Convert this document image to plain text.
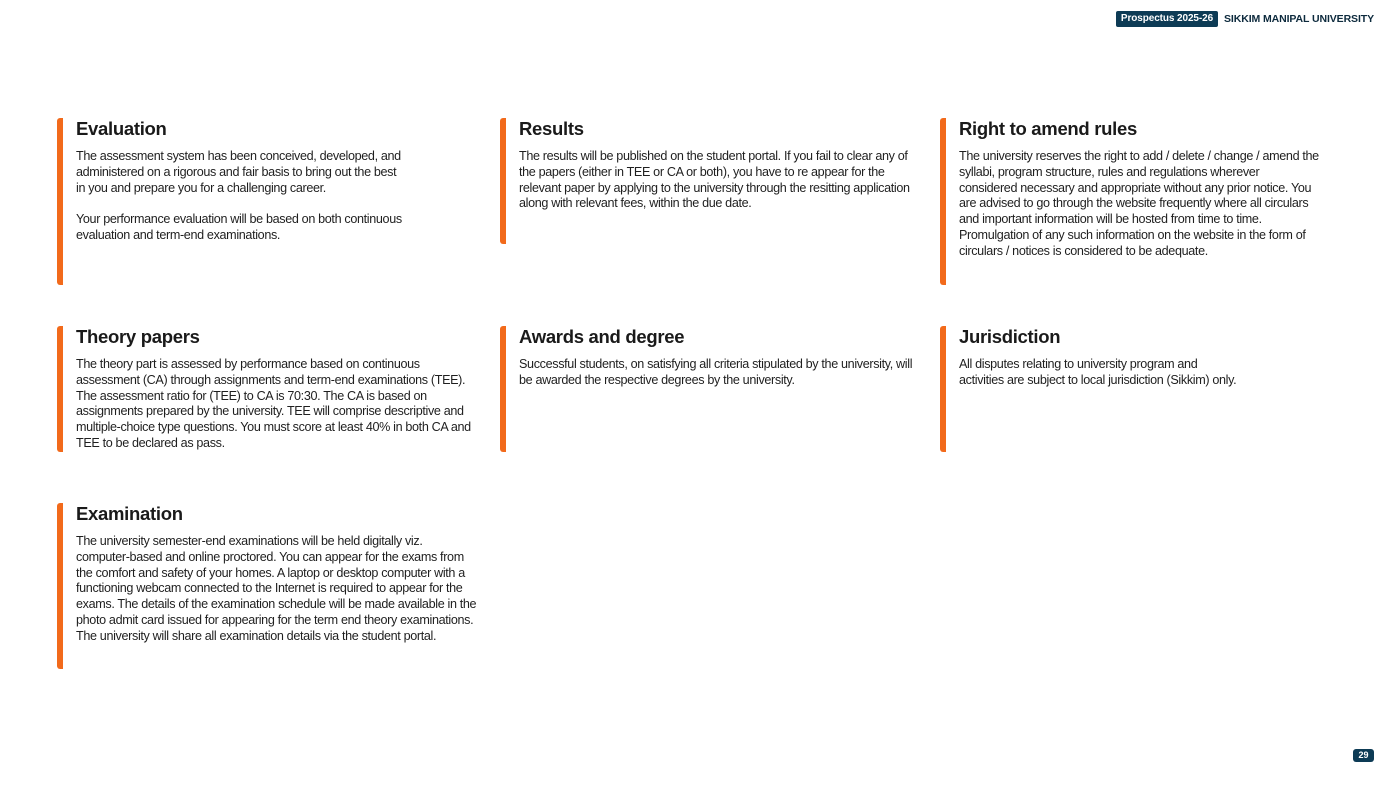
Prospectus 2025-26	SIKKIM MANIPAL UNIVERSITY
Evaluation

The assessment system has been conceived, developed, and administered on a rigorous and fair basis to bring out the best in you and prepare you for a challenging career.

Your performance evaluation will be based on both continuous evaluation and term-end examinations.

Results

The results will be published on the student portal. If you fail to clear any of the papers (either in TEE or CA or both), you have to re appear for the relevant paper by applying to the university through the resitting application along with relevant fees, within the due date.

Right to amend rules

The university reserves the right to add / delete / change / amend the syllabi, program structure, rules and regulations wherever considered necessary and appropriate without any prior notice. You are advised to go through the website frequently where all circulars and important information will be hosted from time to time. Promulgation of any such information on the website in the form of circulars / notices is considered to be adequate.

Theory papers

The theory part is assessed by performance based on continuous assessment (CA) through assignments and term-end examinations (TEE). The assessment ratio for (TEE) to CA is 70:30. The CA is based on assignments prepared by the university. TEE will comprise descriptive and multiple-choice type questions. You must score at least 40% in both CA and TEE to be declared as pass.

Awards and degree

Successful students, on satisfying all criteria stipulated by the university, will be awarded the respective degrees by the university.

Jurisdiction

All disputes relating to university program and activities are subject to local jurisdiction (Sikkim) only.

Examination

The university semester-end examinations will be held digitally viz. computer-based and online proctored. You can appear for the exams from the comfort and safety of your homes. A laptop or desktop computer with a functioning webcam connected to the Internet is required to appear for the exams. The details of the examination schedule will be made available in the photo admit card issued for appearing for the term end theory examinations. The university will share all examination details via the student portal.

29
